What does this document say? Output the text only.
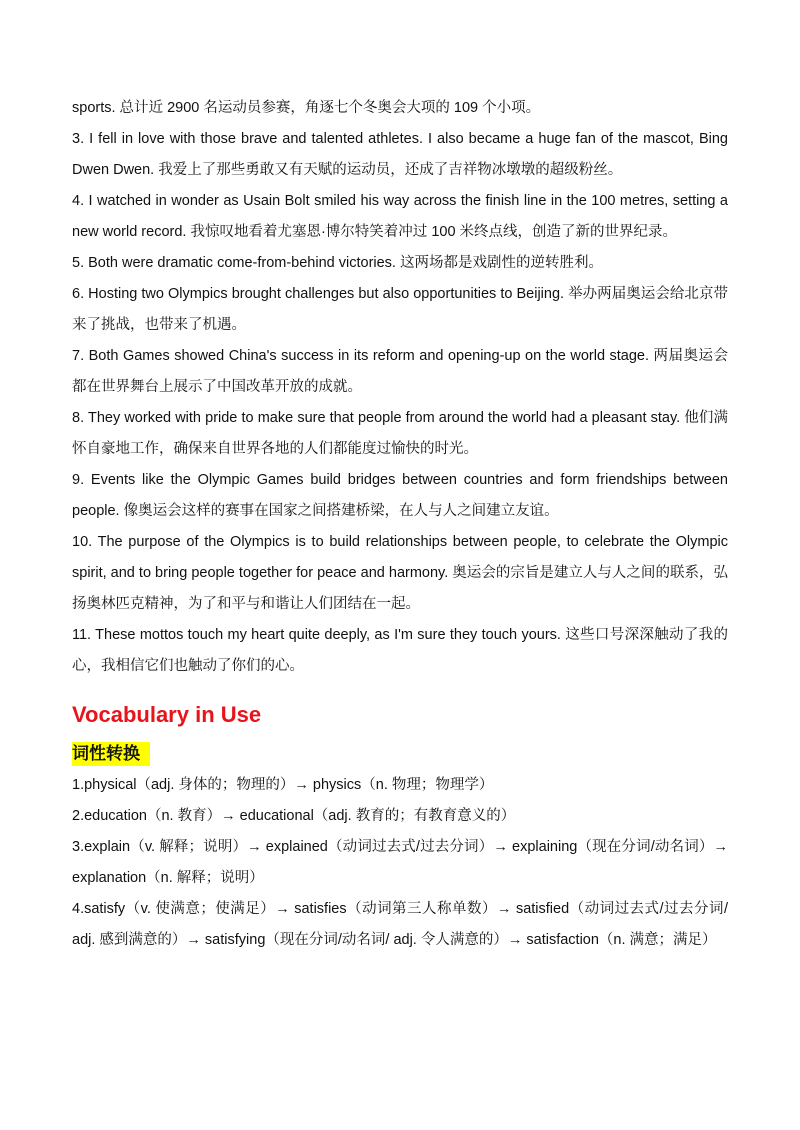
sports. 总计近 2900 名运动员参赛，角逐七个冬奥会大项的 109 个小项。

3. I fell in love with those brave and talented athletes. I also became a huge fan of the mascot, Bing Dwen Dwen. 我爱上了那些勇敢又有天赋的运动员，还成了吉祥物冰墩墩的超级粉丝。

4. I watched in wonder as Usain Bolt smiled his way across the finish line in the 100 metres, setting a new world record. 我惊叹地看着尤塞恩·博尔特笑着冲过 100 米终点线，创造了新的世界纪录。

5. Both were dramatic come-from-behind victories. 这两场都是戏剧性的逆转胜利。

6. Hosting two Olympics brought challenges but also opportunities to Beijing. 举办两届奥运会给北京带来了挑战，也带来了机遇。

7. Both Games showed China's success in its reform and opening-up on the world stage. 两届奥运会都在世界舞台上展示了中国改革开放的成就。

8. They worked with pride to make sure that people from around the world had a pleasant stay. 他们满怀自豪地工作，确保来自世界各地的人们都能度过愉快的时光。

9. Events like the Olympic Games build bridges between countries and form friendships between people. 像奥运会这样的赛事在国家之间搭建桥梁，在人与人之间建立友谊。

10. The purpose of the Olympics is to build relationships between people, to celebrate the Olympic spirit, and to bring people together for peace and harmony. 奥运会的宗旨是建立人与人之间的联系，弘扬奥林匹克精神，为了和平与和谐让人们团结在一起。

11. These mottos touch my heart quite deeply, as I'm sure they touch yours. 这些口号深深触动了我的心，我相信它们也触动了你们的心。

Vocabulary in Use
词性转换

1.physical（adj. 身体的；物理的）→ physics（n. 物理；物理学）

2.education（n. 教育）→ educational（adj. 教育的；有教育意义的）

3.explain（v. 解释；说明）→ explained（动词过去式/过去分词）→ explaining（现在分词/动名词）→ explanation（n. 解释；说明）

4.satisfy（v. 使满意；使满足）→ satisfies（动词第三人称单数）→ satisfied（动词过去式/过去分词/ adj. 感到满意的）→ satisfying（现在分词/动名词/ adj. 令人满意的）→ satisfaction（n. 满意；满足）
